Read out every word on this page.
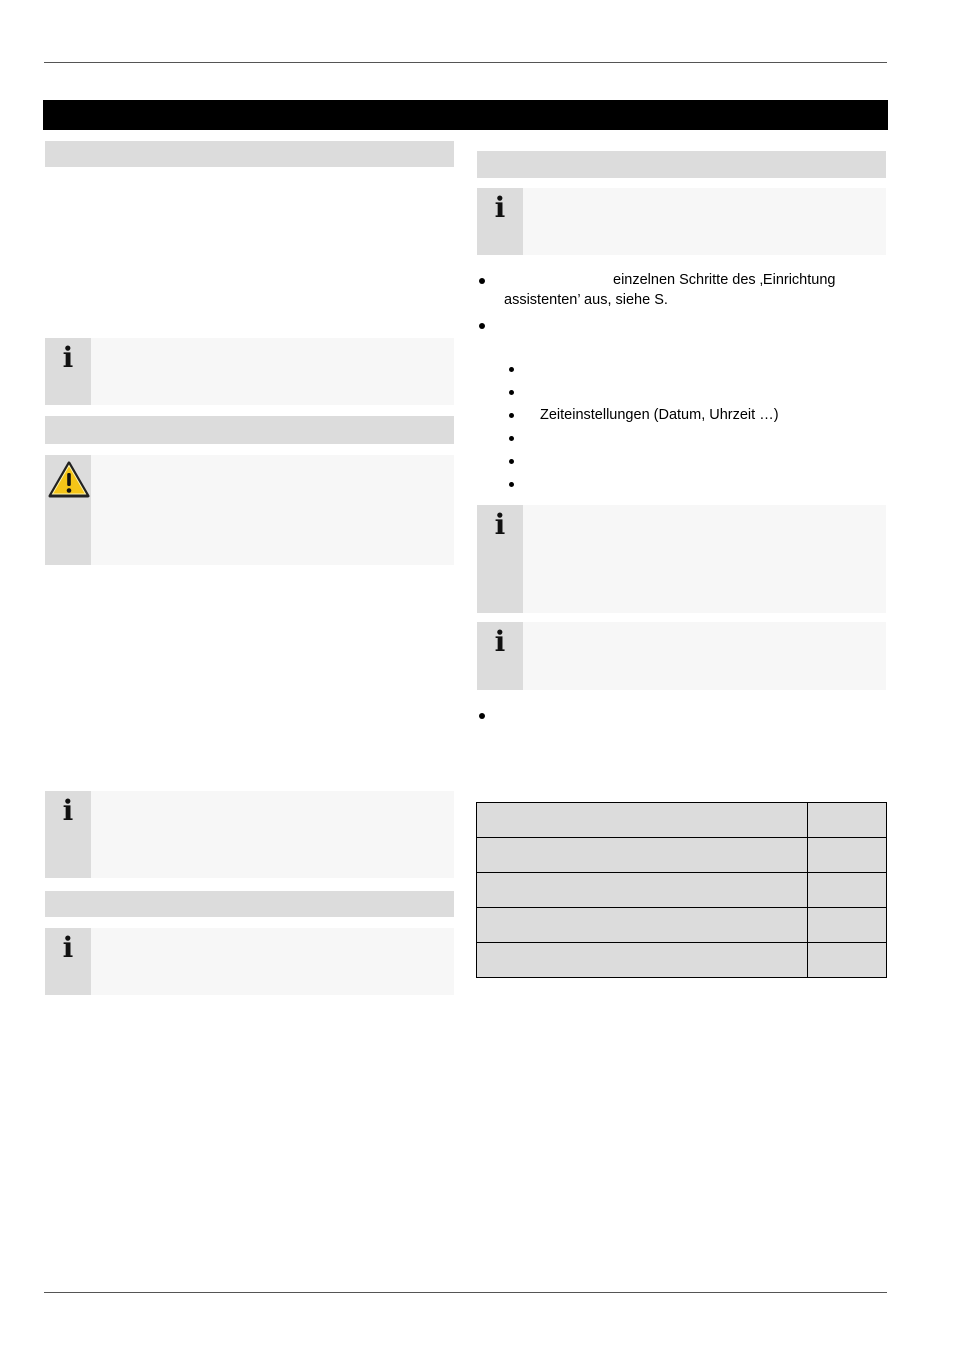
i
i
i
i
einzelnen Schritte des ‚Einrichtung
assistenten’ aus, siehe S.
Zeiteinstellungen (Datum, Uhrzeit …)
i
i
